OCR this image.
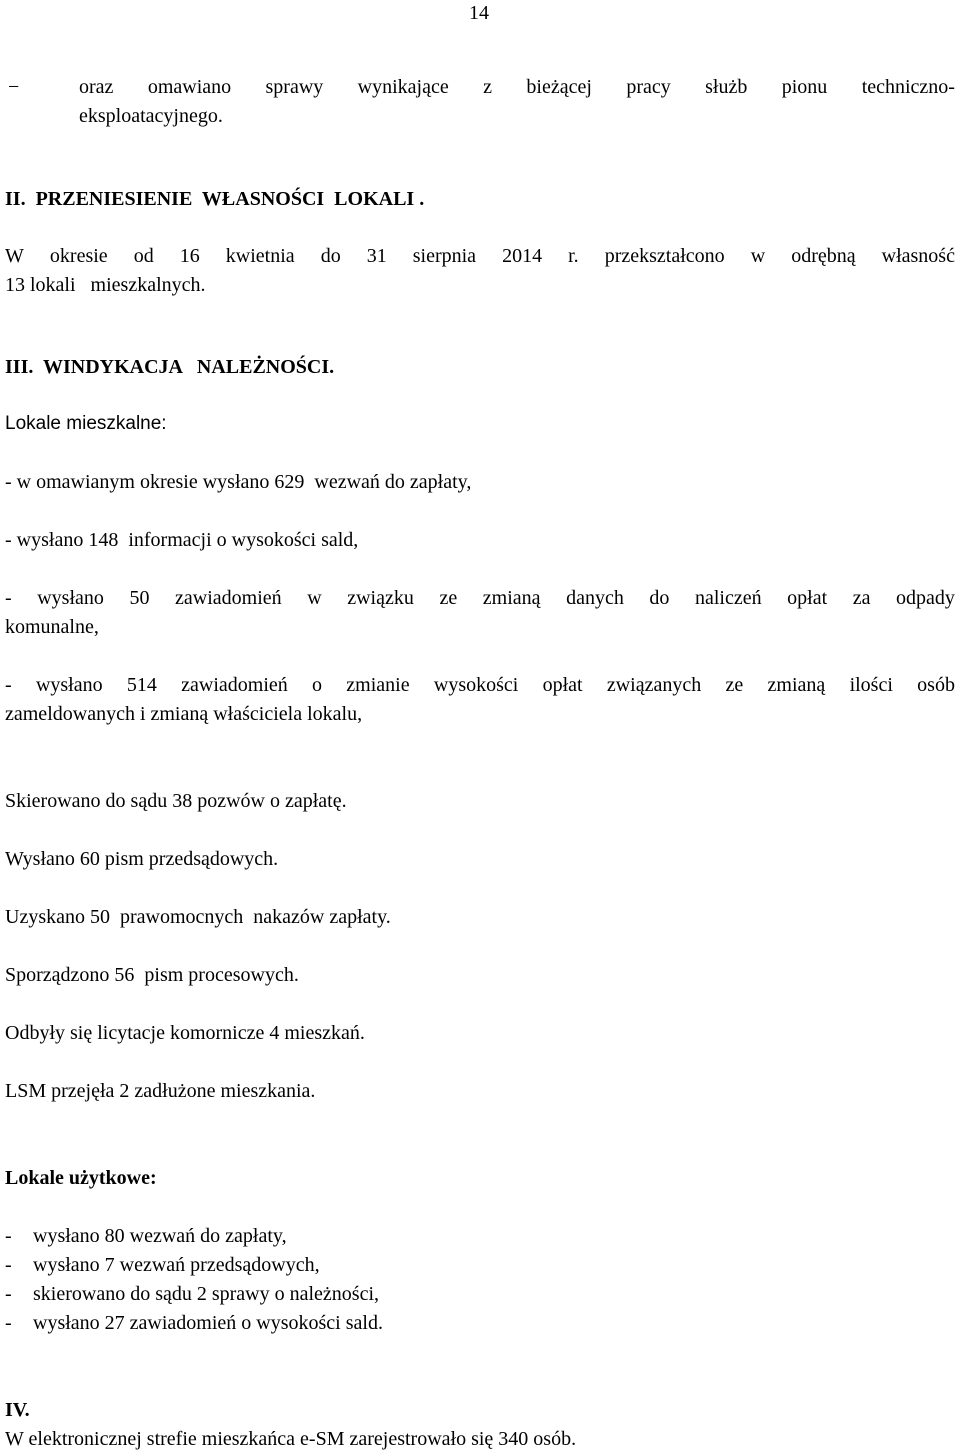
14
−	oraz omawiano sprawy wynikające z bieżącej pracy służb pionu techniczno-
eksploatacyjnego.
II.  PRZENIESIENIE  WŁASNOŚCI  LOKALI .
W okresie od 16 kwietnia do 31 sierpnia 2014 r. przekształcono w odrębną własność
13 lokali   mieszkalnych.
III.  WINDYKACJA   NALEŻNOŚCI.
Lokale mieszkalne:
- w omawianym okresie wysłano 629  wezwań do zapłaty,
- wysłano 148  informacji o wysokości sald,
- wysłano 50 zawiadomień w związku ze zmianą danych do naliczeń opłat za odpady
komunalne,
- wysłano 514 zawiadomień o zmianie wysokości opłat związanych ze zmianą ilości osób
zameldowanych i zmianą właściciela lokalu,
Skierowano do sądu 38 pozwów o zapłatę.
Wysłano 60 pism przedsądowych.
Uzyskano 50  prawomocnych  nakazów zapłaty.
Sporządzono 56  pism procesowych.
Odbyły się licytacje komornicze 4 mieszkań.
LSM przejęła 2 zadłużone mieszkania.
Lokale użytkowe:
- wysłano 80 wezwań do zapłaty,
- wysłano 7 wezwań przedsądowych,
- skierowano do sądu 2 sprawy o należności,
- wysłano 27 zawiadomień o wysokości sald.
IV.
W elektronicznej strefie mieszkańca e-SM zarejestrowało się 340 osób.
